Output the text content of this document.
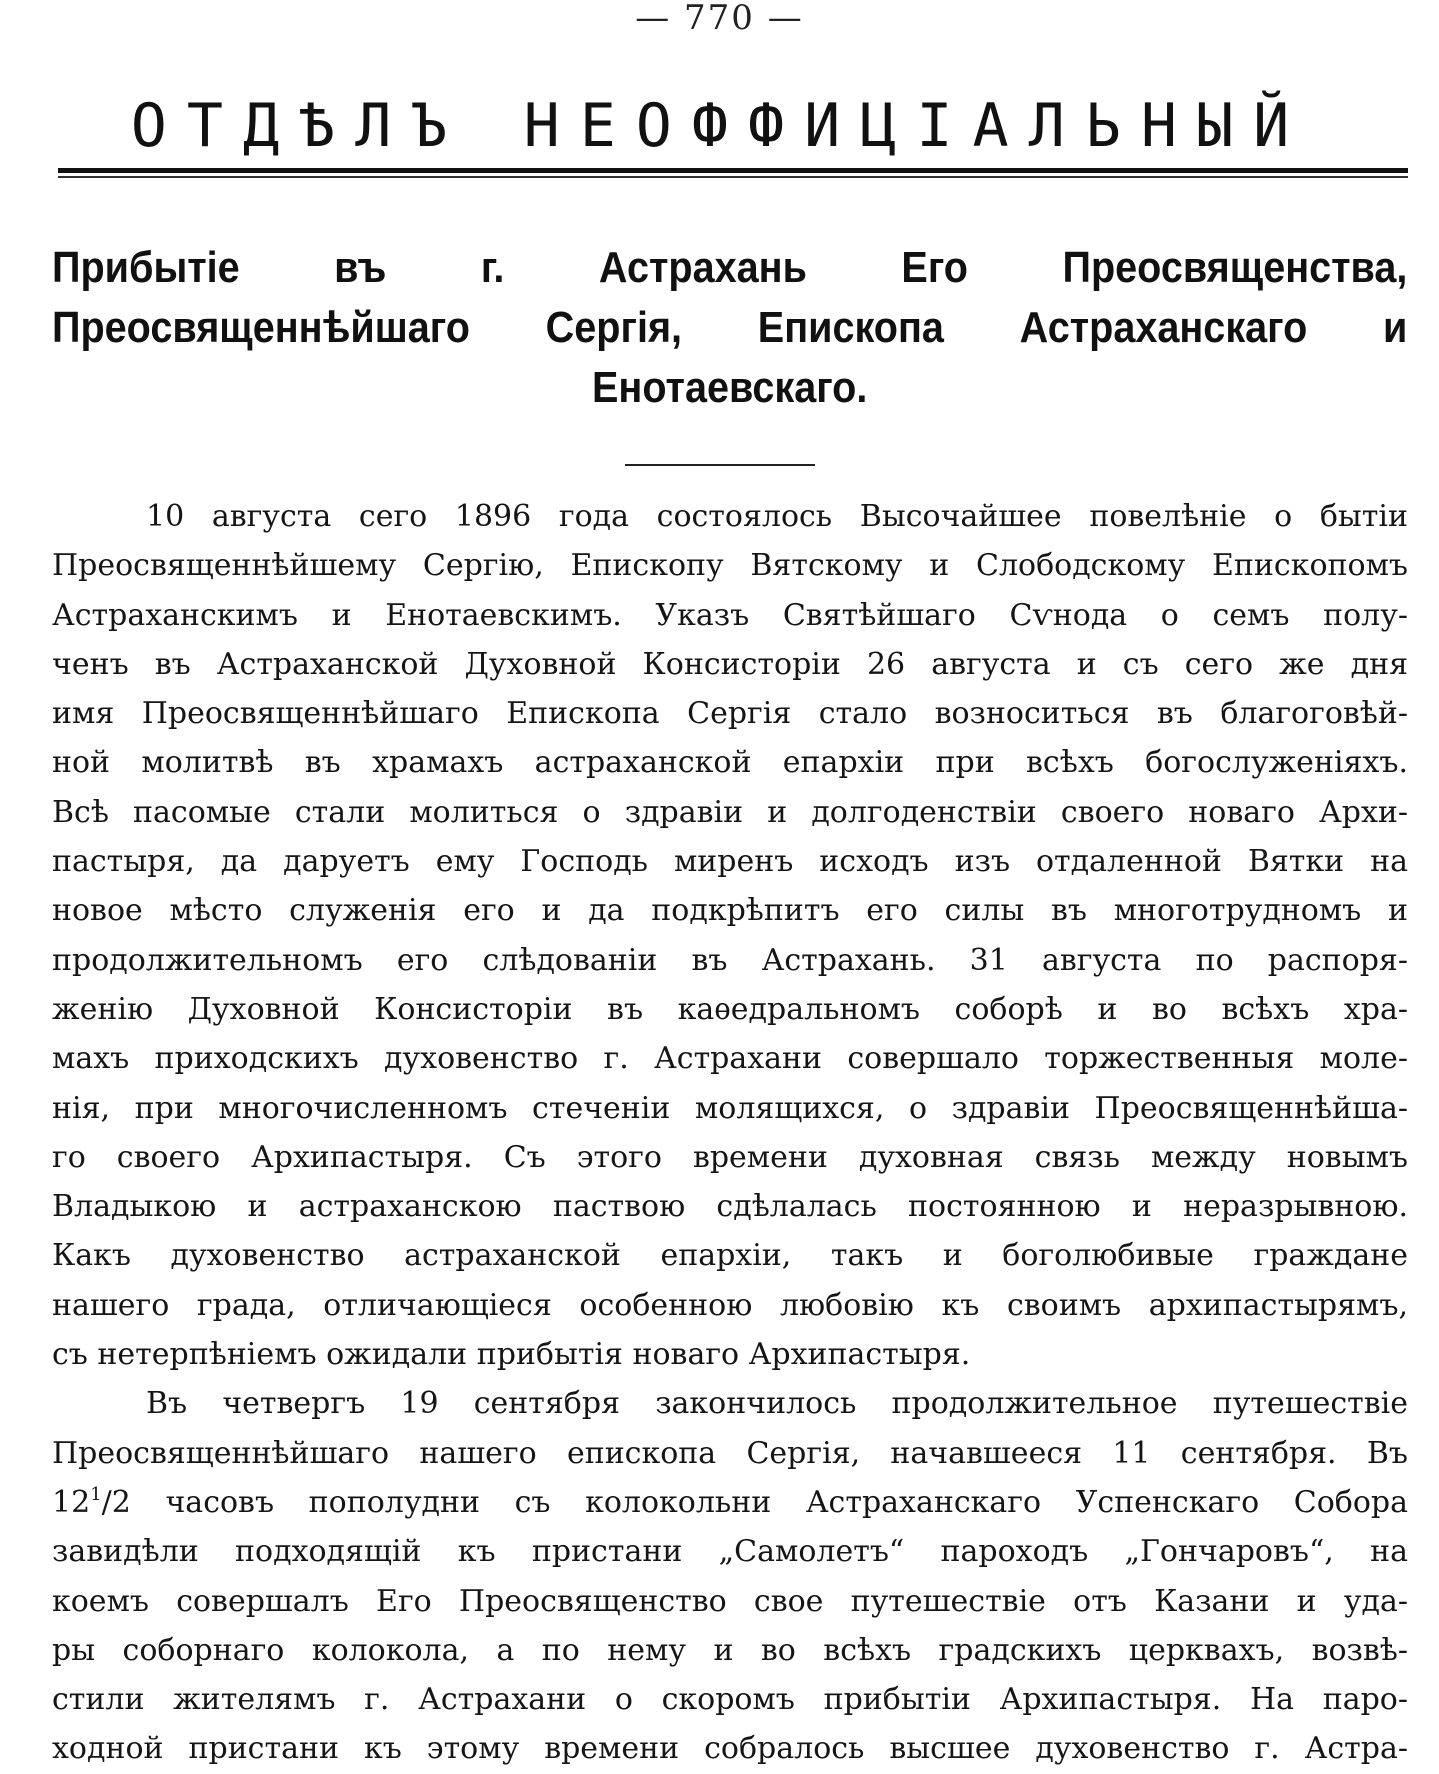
— 770 —
ОТДѢЛЪ НЕОФФИЦІАЛЬНЫЙ
Прибытіе въ г. Астрахань Его Преосвященства, Преосвященнѣйшаго Сергія, Епископа Астраханскаго и Енотаевскаго.
10 августа сего 1896 года состоялось Высочайшее повелѣніе о бытіи
Преосвященнѣйшему Сергію, Епископу Вятскому и Слободскому Епископомъ
Астраханскимъ и Енотаевскимъ. Указъ Святѣйшаго Сѵнода о семъ полу-
ченъ въ Астраханской Духовной Консисторіи 26 августа и съ сего же дня
имя Преосвященнѣйшаго Епископа Сергія стало возноситься въ благоговѣй-
ной молитвѣ въ храмахъ астраханской епархіи при всѣхъ богослуженіяхъ.
Всѣ пасомые стали молиться о здравіи и долгоденствіи своего новаго Архи-
пастыря, да даруетъ ему Господь миренъ исходъ изъ отдаленной Вятки на
новое мѣсто служенія его и да подкрѣпитъ его силы въ многотрудномъ и
продолжительномъ его слѣдованіи въ Астрахань. 31 августа по распоря-
женію Духовной Консисторіи въ каѳедральномъ соборѣ и во всѣхъ хра-
махъ приходскихъ духовенство г. Астрахани совершало торжественныя моле-
нія, при многочисленномъ стеченіи молящихся, о здравіи Преосвященнѣйша-
го своего Архипастыря. Съ этого времени духовная связь между новымъ
Владыкою и астраханскою паствою сдѣлалась постоянною и неразрывною.
Какъ духовенство астраханской епархіи, такъ и боголюбивые граждане
нашего града, отличающіеся особенною любовію къ своимъ архипастырямъ,
съ нетерпѣніемъ ожидали прибытія новаго Архипастыря.
Въ четвергъ 19 сентября закончилось продолжительное путешествіе
Преосвященнѣйшаго нашего епископа Сергія, начавшееся 11 сентября. Въ
$12^1/2$ часовъ пополудни съ колокольни Астраханскаго Успенскаго Собора
завидѣли подходящій къ пристани „Самолетъ“ пароходъ „Гончаровъ“, на
коемъ совершалъ Его Преосвященство свое путешествіе отъ Казани и уда-
ры соборнаго колокола, а по нему и во всѣхъ градскихъ церквахъ, возвѣ-
стили жителямъ г. Астрахани о скоромъ прибытіи Архипастыря. На паро-
ходной пристани къ этому времени собралось высшее духовенство г. Астра-
